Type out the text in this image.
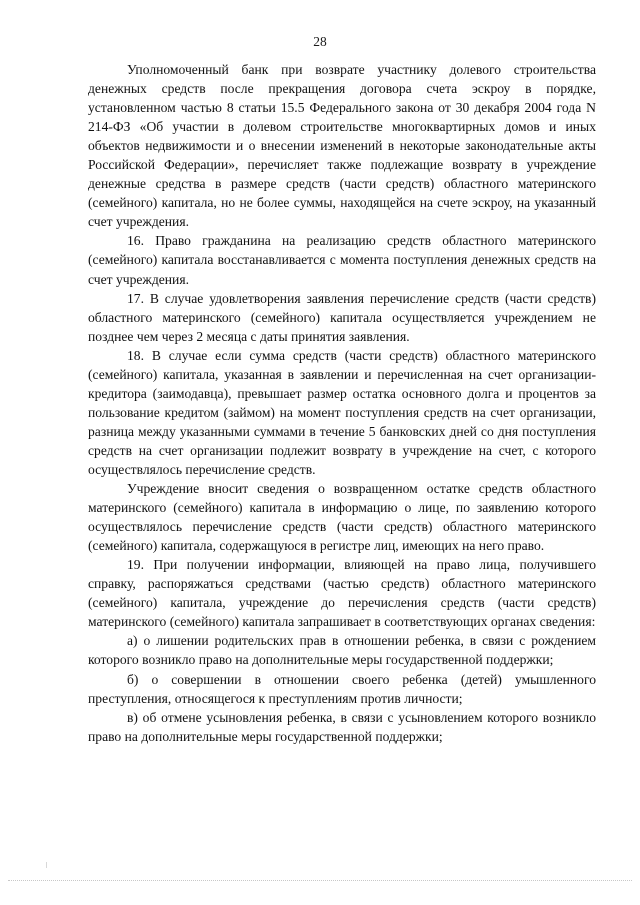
28

Уполномоченный банк при возврате участнику долевого строительства денежных средств после прекращения договора счета эскроу в порядке, установленном частью 8 статьи 15.5 Федерального закона от 30 декабря 2004 года N 214-ФЗ «Об участии в долевом строительстве многоквартирных домов и иных объектов недвижимости и о внесении изменений в некоторые законодательные акты Российской Федерации», перечисляет также подлежащие возврату в учреждение денежные средства в размере средств (части средств) областного материнского (семейного) капитала, но не более суммы, находящейся на счете эскроу, на указанный счет учреждения.

16. Право гражданина на реализацию средств областного материнского (семейного) капитала восстанавливается с момента поступления денежных средств на счет учреждения.

17. В случае удовлетворения заявления перечисление средств (части средств) областного материнского (семейного) капитала осуществляется учреждением не позднее чем через 2 месяца с даты принятия заявления.

18. В случае если сумма средств (части средств) областного материнского (семейного) капитала, указанная в заявлении и перечисленная на счет организации-кредитора (заимодавца), превышает размер остатка основного долга и процентов за пользование кредитом (займом) на момент поступления средств на счет организации, разница между указанными суммами в течение 5 банковских дней со дня поступления средств на счет организации подлежит возврату в учреждение на счет, с которого осуществлялось перечисление средств.

Учреждение вносит сведения о возвращенном остатке средств областного материнского (семейного) капитала в информацию о лице, по заявлению которого осуществлялось перечисление средств (части средств) областного материнского (семейного) капитала, содержащуюся в регистре лиц, имеющих на него право.

19. При получении информации, влияющей на право лица, получившего справку, распоряжаться средствами (частью средств) областного материнского (семейного) капитала, учреждение до перечисления средств (части средств) материнского (семейного) капитала запрашивает в соответствующих органах сведения:

а) о лишении родительских прав в отношении ребенка, в связи с рождением которого возникло право на дополнительные меры государственной поддержки;

б) о совершении в отношении своего ребенка (детей) умышленного преступления, относящегося к преступлениям против личности;

в) об отмене усыновления ребенка, в связи с усыновлением которого возникло право на дополнительные меры государственной поддержки;
